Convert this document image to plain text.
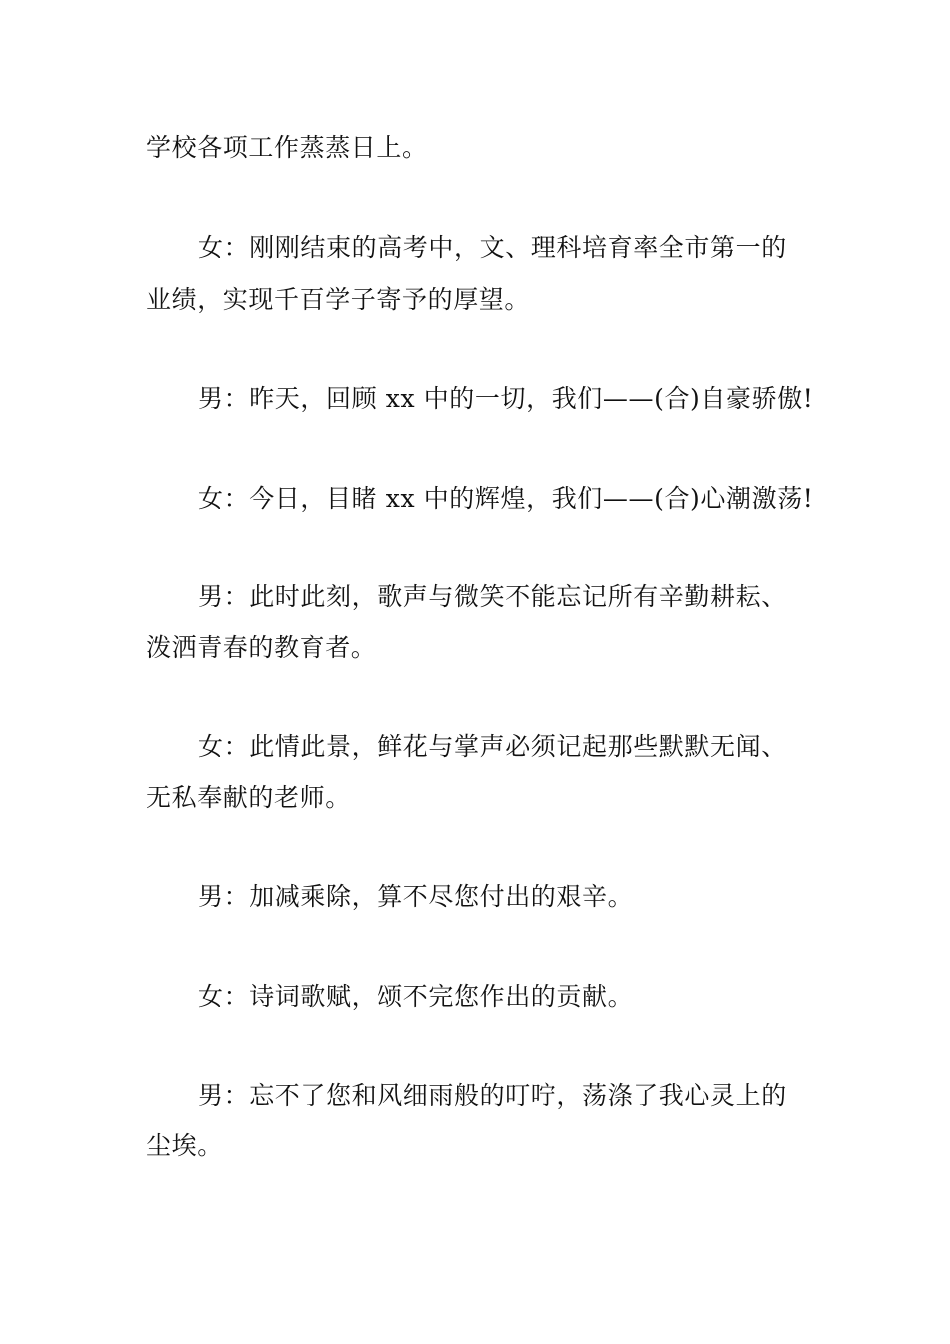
学校各项工作蒸蒸日上。
女：刚刚结束的高考中，文、理科培育率全市第一的
业绩，实现千百学子寄予的厚望。
男：昨天，回顾 xx 中的一切，我们——(合)自豪骄傲!
女：今日，目睹 xx 中的辉煌，我们——(合)心潮激荡!
男：此时此刻，歌声与微笑不能忘记所有辛勤耕耘、
泼洒青春的教育者。
女：此情此景，鲜花与掌声必须记起那些默默无闻、
无私奉献的老师。
男：加减乘除，算不尽您付出的艰辛。
女：诗词歌赋，颂不完您作出的贡献。
男：忘不了您和风细雨般的叮咛，荡涤了我心灵上的
尘埃。
